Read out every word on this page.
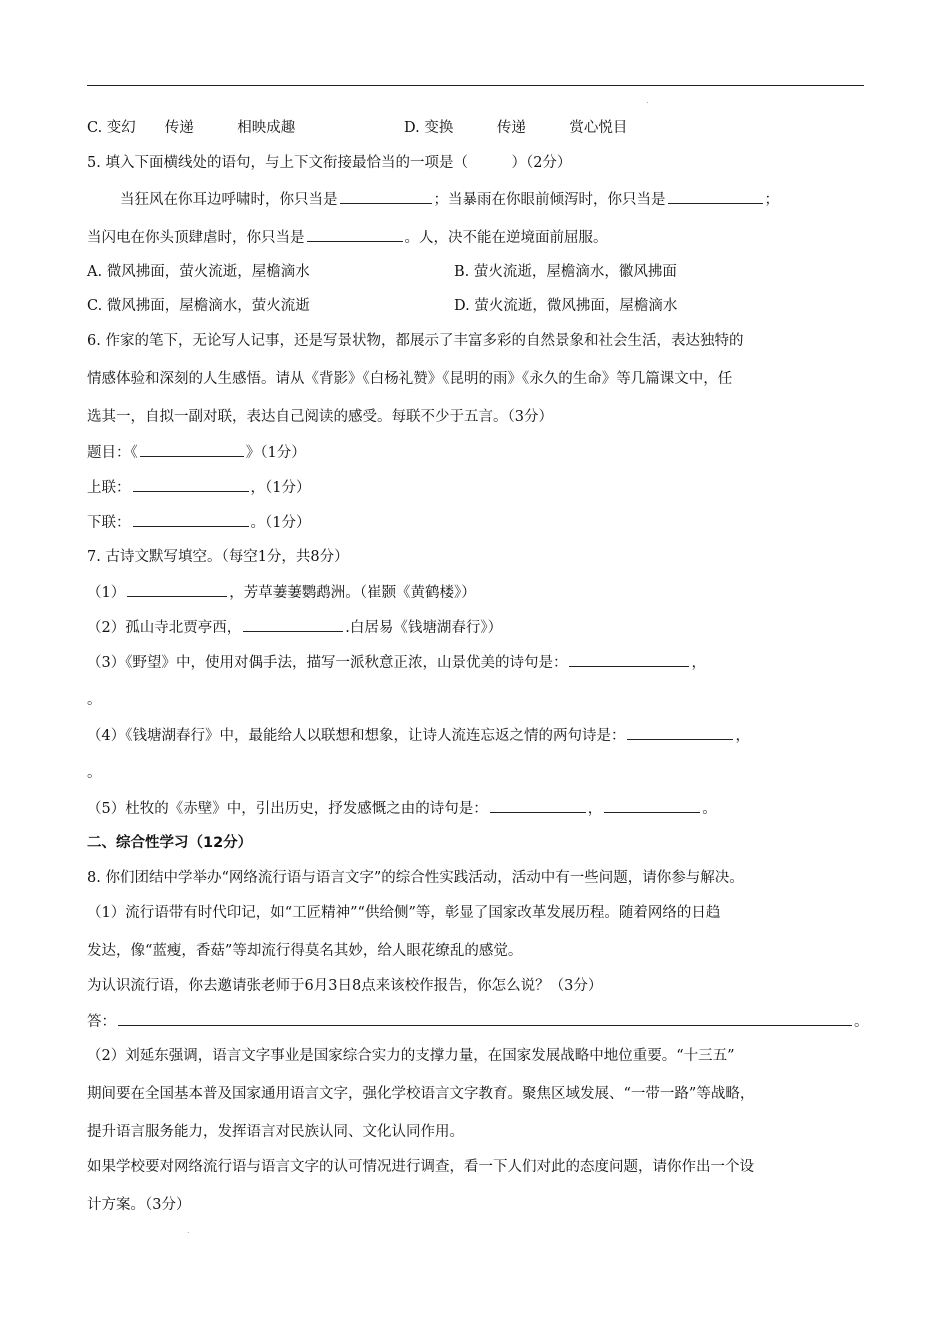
.
C. 变幻　　传递　　　相映成趣	D. 变换　　　传递　　　赏心悦目
5. 填入下面横线处的语句，与上下文衔接最恰当的一项是（　　　）（2分）
当狂风在你耳边呼啸时，你只当是	；当暴雨在你眼前倾泻时，你只当是	；
当闪电在你头顶肆虐时，你只当是	。人，决不能在逆境面前屈服。
A. 微风拂面，萤火流逝，屋檐滴水	B. 萤火流逝，屋檐滴水，徽风拂面
C. 微风拂面，屋檐滴水，萤火流逝	D. 萤火流逝，微风拂面，屋檐滴水
6. 作家的笔下，无论写人记事，还是写景状物，都展示了丰富多彩的自然景象和社会生活，表达独特的
情感体验和深刻的人生感悟。请从《背影》《白杨礼赞》《昆明的雨》《永久的生命》等几篇课文中，任
选其一，自拟一副对联，表达自己阅读的感受。每联不少于五言。（3分）
题目：《	》（1分）
上联：	，（1分）
下联：	。（1分）
7. 古诗文默写填空。（每空1分，共8分）
（1）	，芳草萋萋鹦鹉洲。（崔颢《黄鹤楼》）
（2）孤山寺北贾亭西，	.白居易《钱塘湖春行》）
（3）《野望》中，使用对偶手法，描写一派秋意正浓，山景优美的诗句是：	，
。
（4）《钱塘湖春行》中，最能给人以联想和想象，让诗人流连忘返之情的两句诗是：	，
。
（5）杜牧的《赤壁》中，引出历史，抒发感慨之由的诗句是：	，	。
二、综合性学习（12分）
8. 你们团结中学举办“网络流行语与语言文字”的综合性实践活动，活动中有一些问题，请你参与解决。
（1）流行语带有时代印记，如“工匠精神”“供给侧”等，彰显了国家改革发展历程。随着网络的日趋
发达，像“蓝瘦，香菇”等却流行得莫名其妙，给人眼花缭乱的感觉。
为认识流行语，你去邀请张老师于6月3日8点来该校作报告，你怎么说？（3分）
答：	。
（2）刘延东强调，语言文字事业是国家综合实力的支撑力量，在国家发展战略中地位重要。“十三五”
期间要在全国基本普及国家通用语言文字，强化学校语言文字教育。聚焦区域发展、“一带一路”等战略，
提升语言服务能力，发挥语言对民族认同、文化认同作用。
如果学校要对网络流行语与语言文字的认可情况进行调查，看一下人们对此的态度问题，请你作出一个设
计方案。（3分）
.
